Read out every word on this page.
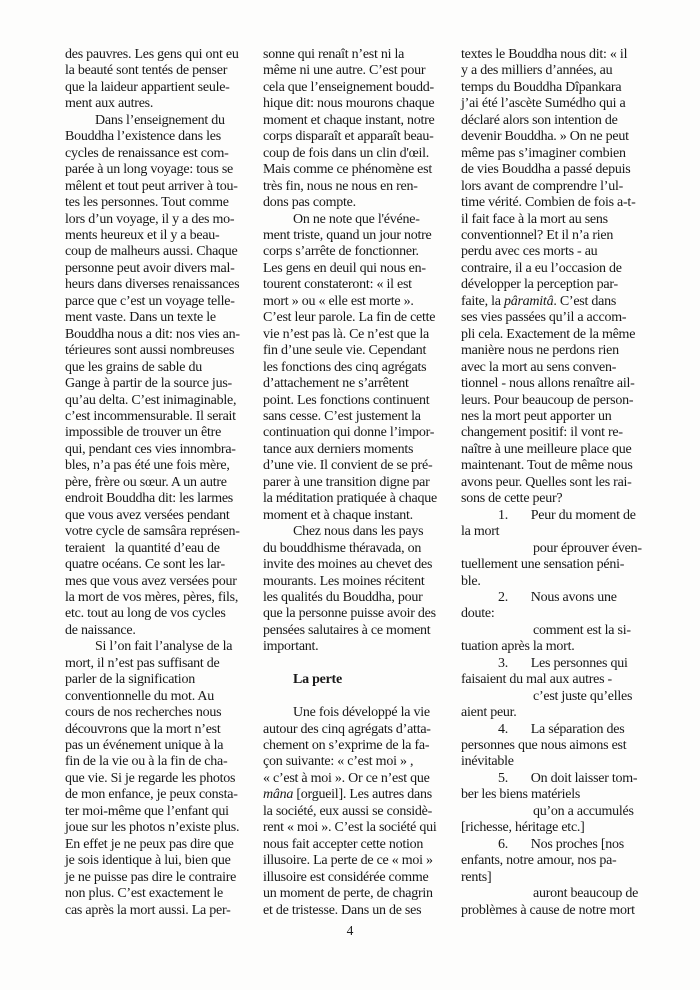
des pauvres. Les gens qui ont eu
la beauté sont tentés de penser
que la laideur appartient seule-
ment aux autres.
Dans l’enseignement du
Bouddha l’existence dans les
cycles de renaissance est com-
parée à un long voyage: tous se
mêlent et tout peut arriver à tou-
tes les personnes. Tout comme
lors d’un voyage, il y a des mo-
ments heureux et il y a beau-
coup de malheurs aussi. Chaque
personne peut avoir divers mal-
heurs dans diverses renaissances
parce que c’est un voyage telle-
ment vaste. Dans un texte le
Bouddha nous a dit: nos vies an-
térieures sont aussi nombreuses
que les grains de sable du
Gange à partir de la source jus-
qu’au delta. C’est inimaginable,
c’est incommensurable. Il serait
impossible de trouver un être
qui, pendant ces vies innombra-
bles, n’a pas été une fois mère,
père, frère ou sœur. A un autre
endroit Bouddha dit: les larmes
que vous avez versées pendant
votre cycle de samsâra représen-
teraient   la quantité d’eau de
quatre océans. Ce sont les lar-
mes que vous avez versées pour
la mort de vos mères, pères, fils,
etc. tout au long de vos cycles
de naissance.
Si l’on fait l’analyse de la
mort, il n’est pas suffisant de
parler de la signification
conventionnelle du mot. Au
cours de nos recherches nous
découvrons que la mort n’est
pas un événement unique à la
fin de la vie ou à la fin de cha-
que vie. Si je regarde les photos
de mon enfance, je peux consta-
ter moi-même que l’enfant qui
joue sur les photos n’existe plus.
En effet je ne peux pas dire que
je sois identique à lui, bien que
je ne puisse pas dire le contraire
non plus. C’est exactement le
cas après la mort aussi. La per-
sonne qui renaît n’est ni la
même ni une autre. C’est pour
cela que l’enseignement boudd-
hique dit: nous mourons chaque
moment et chaque instant, notre
corps disparaît et apparaît beau-
coup de fois dans un clin d'œil.
Mais comme ce phénomène est
très fin, nous ne nous en ren-
dons pas compte.
On ne note que l'événe-
ment triste, quand un jour notre
corps s’arrête de fonctionner.
Les gens en deuil qui nous en-
tourent constateront: « il est
mort » ou « elle est morte ».
C’est leur parole. La fin de cette
vie n’est pas là. Ce n’est que la
fin d’une seule vie. Cependant
les fonctions des cinq agrégats
d’attachement ne s’arrêtent
point. Les fonctions continuent
sans cesse. C’est justement la
continuation qui donne l’impor-
tance aux derniers moments
d’une vie. Il convient de se pré-
parer à une transition digne par
la méditation pratiquée à chaque
moment et à chaque instant.
Chez nous dans les pays
du bouddhisme théravada, on
invite des moines au chevet des
mourants. Les moines récitent
les qualités du Bouddha, pour
que la personne puisse avoir des
pensées salutaires à ce moment
important.

La perte

Une fois développé la vie
autour des cinq agrégats d’atta-
chement on s’exprime de la fa-
çon suivante: « c’est moi » ,
« c’est à moi ». Or ce n’est que
mâna [orgueil]. Les autres dans
la société, eux aussi se considè-
rent « moi ». C’est la société qui
nous fait accepter cette notion
illusoire. La perte de ce « moi »
illusoire est considérée comme
un moment de perte, de chagrin
et de tristesse. Dans un de ses
textes le Bouddha nous dit: « il
y a des milliers d’années, au
temps du Bouddha Dîpankara
j’ai été l’ascète Sumédho qui a
déclaré alors son intention de
devenir Bouddha. » On ne peut
même pas s’imaginer combien
de vies Bouddha a passé depuis
lors avant de comprendre l’ul-
time vérité. Combien de fois a-t-
il fait face à la mort au sens
conventionnel? Et il n’a rien
perdu avec ces morts - au
contraire, il a eu l’occasion de
développer la perception par-
faite, la pâramitâ. C’est dans
ses vies passées qu’il a accom-
pli cela. Exactement de la même
manière nous ne perdons rien
avec la mort au sens conven-
tionnel - nous allons renaître ail-
leurs. Pour beaucoup de person-
nes la mort peut apporter un
changement positif: il vont re-
naître à une meilleure place que
maintenant. Tout de même nous
avons peur. Quelles sont les rai-
sons de cette peur?
1.       Peur du moment de
la mort
pour éprouver éven-
tuellement une sensation péni-
ble.
2.       Nous avons une
doute:
comment est la si-
tuation après la mort.
3.       Les personnes qui
faisaient du mal aux autres -
c’est juste qu’elles
aient peur.
4.       La séparation des
personnes que nous aimons est
inévitable
5.       On doit laisser tom-
ber les biens matériels
qu’on a accumulés
[richesse, héritage etc.]
6.       Nos proches [nos
enfants, notre amour, nos pa-
rents]
auront beaucoup de
problèmes à cause de notre mort
4
